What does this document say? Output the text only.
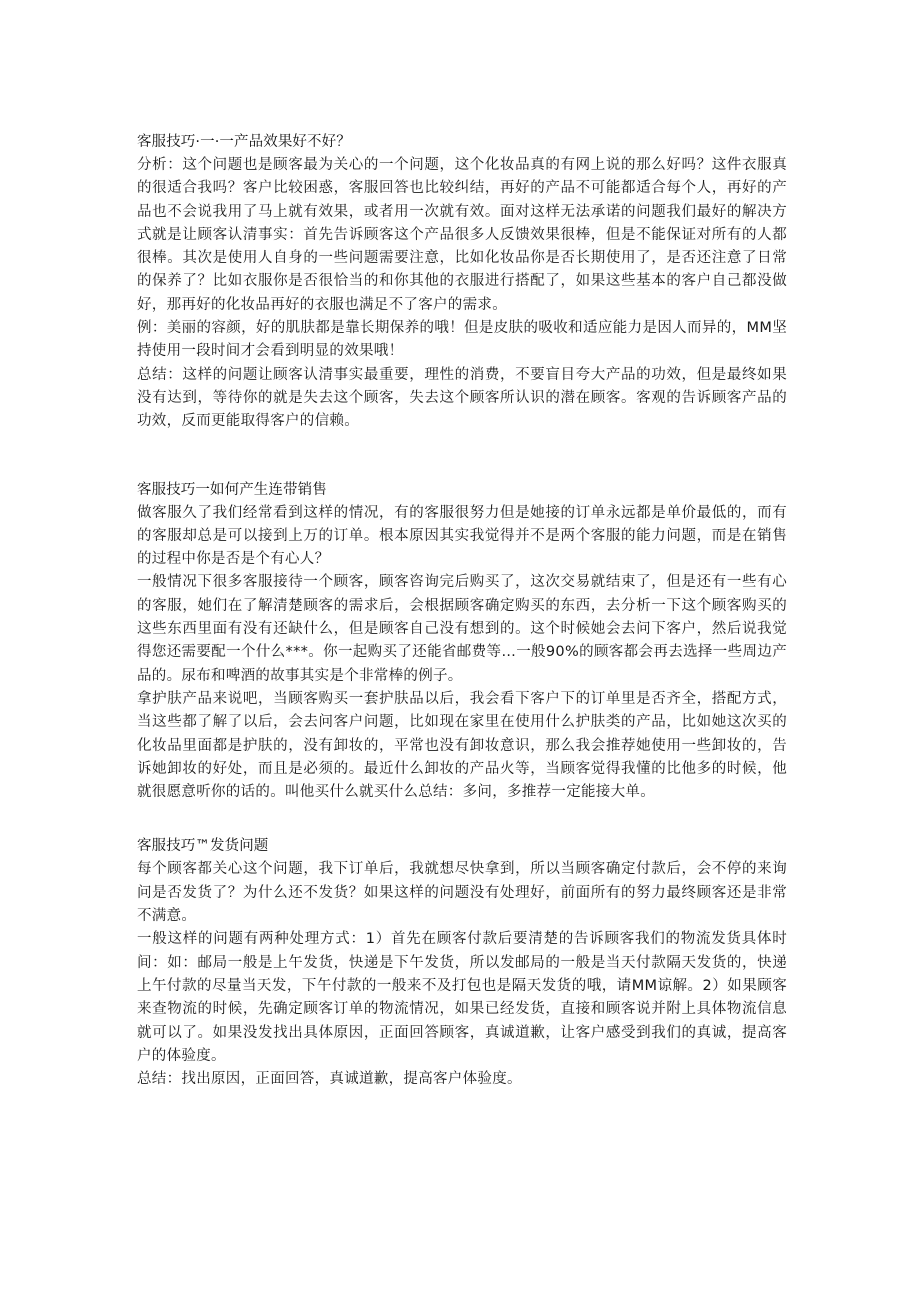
客服技巧·一·一产品效果好不好？

分析：这个问题也是顾客最为关心的一个问题，这个化妆品真的有网上说的那么好吗？这件衣服真的很适合我吗？客户比较困惑，客服回答也比较纠结，再好的产品不可能都适合每个人，再好的产品也不会说我用了马上就有效果，或者用一次就有效。面对这样无法承诺的问题我们最好的解决方式就是让顾客认清事实：首先告诉顾客这个产品很多人反馈效果很棒，但是不能保证对所有的人都很棒。其次是使用人自身的一些问题需要注意，比如化妆品你是否长期使用了，是否还注意了日常的保养了？比如衣服你是否很恰当的和你其他的衣服进行搭配了，如果这些基本的客户自己都没做好，那再好的化妆品再好的衣服也满足不了客户的需求。

例：美丽的容颜，好的肌肤都是靠长期保养的哦！但是皮肤的吸收和适应能力是因人而异的，MM坚持使用一段时间才会看到明显的效果哦！

总结：这样的问题让顾客认清事实最重要，理性的消费，不要盲目夸大产品的功效，但是最终如果没有达到，等待你的就是失去这个顾客，失去这个顾客所认识的潜在顾客。客观的告诉顾客产品的功效，反而更能取得客户的信赖。

客服技巧一如何产生连带销售

做客服久了我们经常看到这样的情况，有的客服很努力但是她接的订单永远都是单价最低的，而有的客服却总是可以接到上万的订单。根本原因其实我觉得并不是两个客服的能力问题，而是在销售的过程中你是否是个有心人？

一般情况下很多客服接待一个顾客，顾客咨询完后购买了，这次交易就结束了，但是还有一些有心的客服，她们在了解清楚顾客的需求后，会根据顾客确定购买的东西，去分析一下这个顾客购买的这些东西里面有没有还缺什么，但是顾客自己没有想到的。这个时候她会去问下客户，然后说我觉得您还需要配一个什么***。你一起购买了还能省邮费等…一般90%的顾客都会再去选择一些周边产品的。尿布和啤酒的故事其实是个非常棒的例子。

拿护肤产品来说吧，当顾客购买一套护肤品以后，我会看下客户下的订单里是否齐全，搭配方式，当这些都了解了以后，会去问客户问题，比如现在家里在使用什么护肤类的产品，比如她这次买的化妆品里面都是护肤的，没有卸妆的，平常也没有卸妆意识，那么我会推荐她使用一些卸妆的，告诉她卸妆的好处，而且是必须的。最近什么卸妆的产品火等，当顾客觉得我懂的比他多的时候，他就很愿意听你的话的。叫他买什么就买什么总结：多问，多推荐一定能接大单。

客服技巧™发货问题

每个顾客都关心这个问题，我下订单后，我就想尽快拿到，所以当顾客确定付款后，会不停的来询问是否发货了？为什么还不发货？如果这样的问题没有处理好，前面所有的努力最终顾客还是非常不满意。

一般这样的问题有两种处理方式：1）首先在顾客付款后要清楚的告诉顾客我们的物流发货具体时间：如：邮局一般是上午发货，快递是下午发货，所以发邮局的一般是当天付款隔天发货的，快递上午付款的尽量当天发，下午付款的一般来不及打包也是隔天发货的哦，请MM谅解。2）如果顾客来查物流的时候，先确定顾客订单的物流情况，如果已经发货，直接和顾客说并附上具体物流信息就可以了。如果没发找出具体原因，正面回答顾客，真诚道歉，让客户感受到我们的真诚，提高客户的体验度。

总结：找出原因，正面回答，真诚道歉，提高客户体验度。
